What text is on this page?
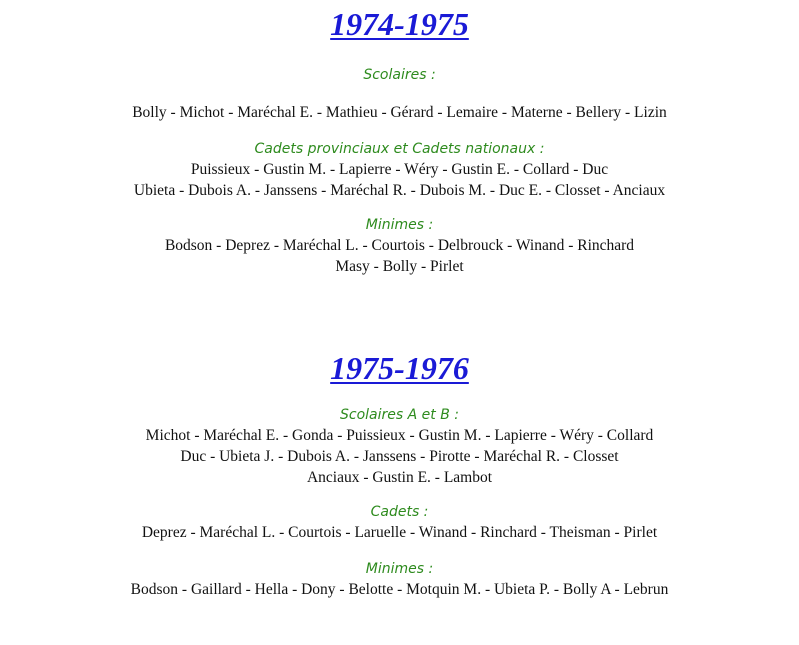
1974-1975

Scolaires :

Bolly - Michot - Maréchal E. - Mathieu - Gérard - Lemaire - Materne - Bellery - Lizin

Cadets provinciaux et Cadets nationaux :

Puissieux - Gustin M. - Lapierre - Wéry - Gustin E. - Collard - Duc

Ubieta - Dubois A. - Janssens - Maréchal R. - Dubois M. - Duc E. - Closset - Anciaux

Minimes :

Bodson - Deprez - Maréchal L. - Courtois - Delbrouck - Winand - Rinchard

Masy - Bolly - Pirlet

1975-1976

Scolaires A et B :

Michot - Maréchal E. - Gonda - Puissieux - Gustin M. - Lapierre - Wéry - Collard

Duc - Ubieta J. - Dubois A. - Janssens - Pirotte - Maréchal R. - Closset

Anciaux - Gustin E. - Lambot

Cadets :

Deprez - Maréchal L. - Courtois - Laruelle - Winand - Rinchard - Theisman - Pirlet

Minimes :

Bodson - Gaillard - Hella - Dony - Belotte - Motquin M. - Ubieta P. - Bolly A - Lebrun
